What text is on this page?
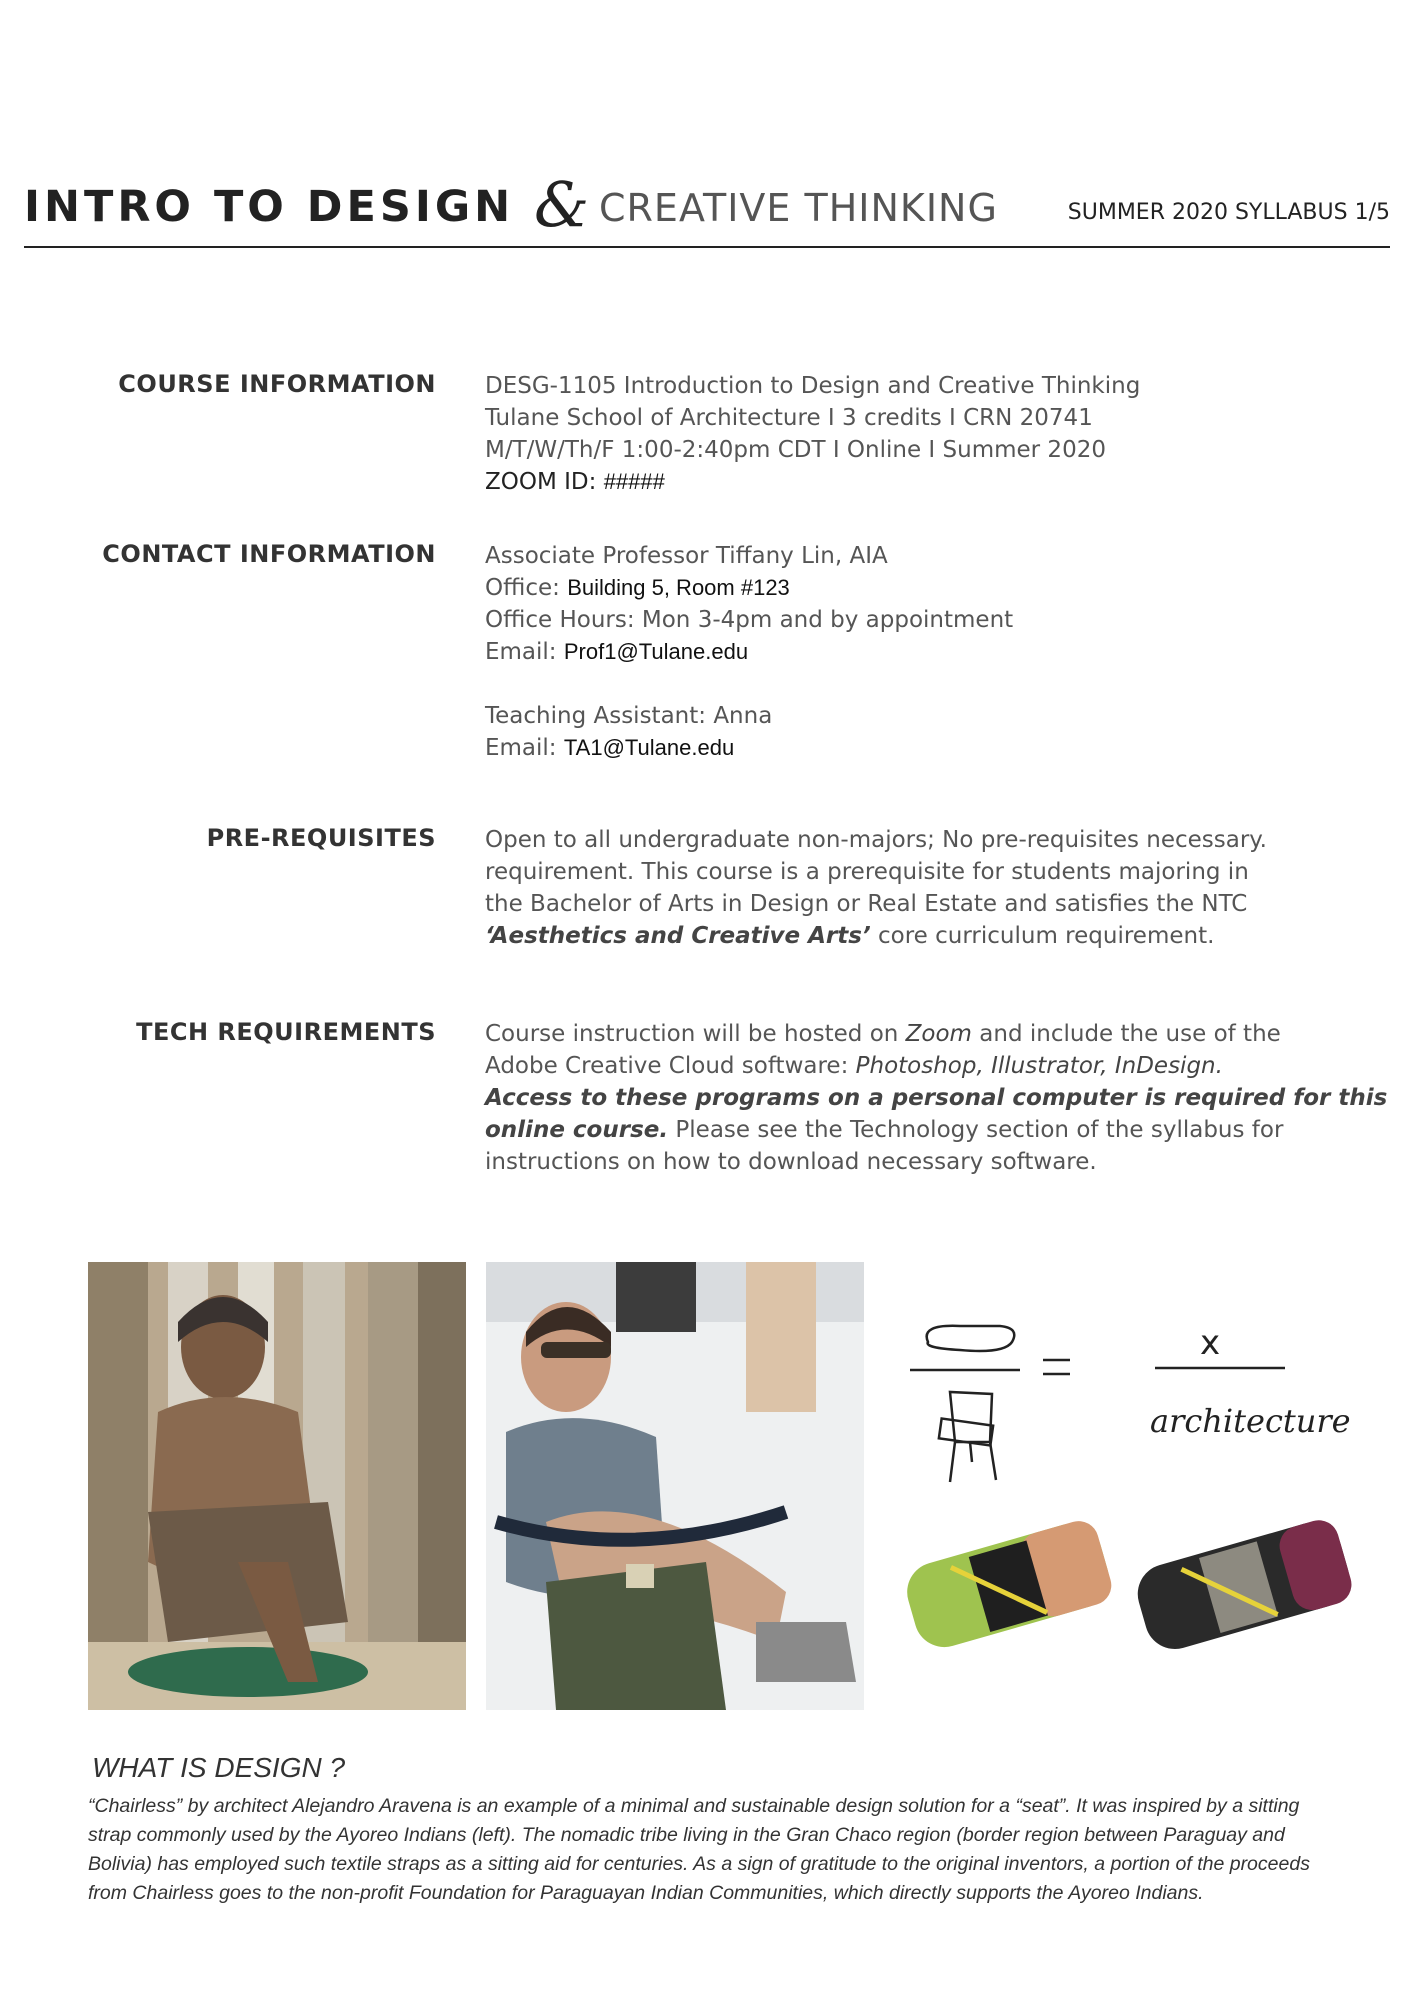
INTRO TO DESIGN & CREATIVE THINKING	SUMMER 2020 SYLLABUS 1/5
COURSE INFORMATION DESG-1105 Introduction to Design and Creative Thinking
Tulane School of Architecture I 3 credits I CRN 20741
M/T/W/Th/F 1:00-2:40pm CDT I Online I Summer 2020
ZOOM ID: #####
CONTACT INFORMATION Associate Professor Tiffany Lin, AIA
Office: Building 5, Room #123
Office Hours: Mon 3-4pm and by appointment
Email: Prof1@Tulane.edu
Teaching Assistant: Anna
Email: TA1@Tulane.edu
PRE-REQUISITES Open to all undergraduate non-majors; No pre-requisites necessary.
requirement. This course is a prerequisite for students majoring in
the Bachelor of Arts in Design or Real Estate and satisfies the NTC
‘Aesthetics and Creative Arts’ core curriculum requirement.
TECH REQUIREMENTS Course instruction will be hosted on Zoom and include the use of the
Adobe Creative Cloud software: Photoshop, Illustrator, InDesign.
Access to these programs on a personal computer is required for this
online course. Please see the Technology section of the syllabus for
instructions on how to download necessary software.
x
architecture
WHAT IS DESIGN ?
“Chairless” by architect Alejandro Aravena is an example of a minimal and sustainable design solution for a “seat”. It was inspired by a sitting
strap commonly used by the Ayoreo Indians (left). The nomadic tribe living in the Gran Chaco region (border region between Paraguay and
Bolivia) has employed such textile straps as a sitting aid for centuries. As a sign of gratitude to the original inventors, a portion of the proceeds
from Chairless goes to the non-profit Foundation for Paraguayan Indian Communities, which directly supports the Ayoreo Indians.
